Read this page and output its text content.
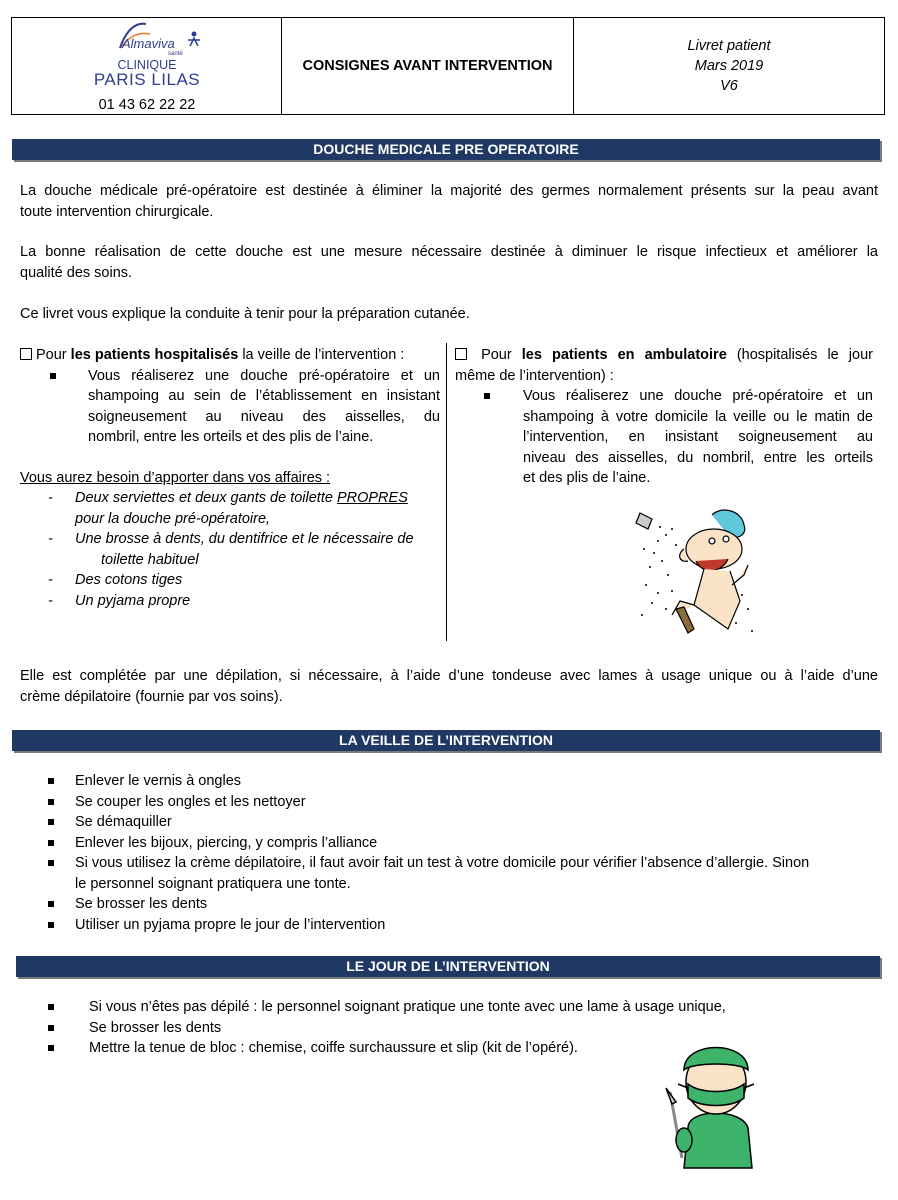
Almaviva
santé
CLINIQUE
PARIS LILAS
01 43 62 22 22
CONSIGNES AVANT INTERVENTION
Livret patient
Mars 2019
V6
DOUCHE MEDICALE PRE OPERATOIRE
La douche médicale pré-opératoire est destinée à éliminer la majorité des germes normalement présents sur la peau avant
toute intervention chirurgicale.
La bonne réalisation de cette douche est une mesure nécessaire destinée à diminuer le risque infectieux et améliorer la
qualité des soins.
Ce livret vous explique la conduite à tenir pour la préparation cutanée.
Pour les patients hospitalisés la veille de l’intervention :
Vous réaliserez une douche pré-opératoire et un
shampoing au sein de l’établissement en insistant
soigneusement au niveau des aisselles, du
nombril, entre les orteils et des plis de l’aine.
Vous aurez besoin d’apporter dans vos affaires :
- Deux serviettes et deux gants de toilette PROPRES
pour la douche pré-opératoire,
- Une brosse à dents, du dentifrice et le nécessaire de
toilette habituel
- Des cotons tiges
- Un pyjama propre
Pour les patients en ambulatoire (hospitalisés le jour
même de l’intervention) :
Vous réaliserez une douche pré-opératoire et un
shampoing à votre domicile la veille ou le matin de
l’intervention, en insistant soigneusement au
niveau des aisselles, du nombril, entre les orteils
et des plis de l’aine.
Elle est complétée par une dépilation, si nécessaire, à l’aide d’une tondeuse avec lames à usage unique ou à l’aide d’une
crème dépilatoire (fournie par vos soins).
LA VEILLE DE L’INTERVENTION
Enlever le vernis à ongles
Se couper les ongles et les nettoyer
Se démaquiller
Enlever les bijoux, piercing, y compris l’alliance
Si vous utilisez la crème dépilatoire, il faut avoir fait un test à votre domicile pour vérifier l’absence d’allergie. Sinon
le personnel soignant pratiquera une tonte.
Se brosser les dents
Utiliser un pyjama propre le jour de l’intervention
LE JOUR DE L’INTERVENTION
Si vous n’êtes pas dépilé : le personnel soignant pratique une tonte avec une lame à usage unique,
Se brosser les dents
Mettre la tenue de bloc : chemise, coiffe surchaussure et slip (kit de l’opéré).
